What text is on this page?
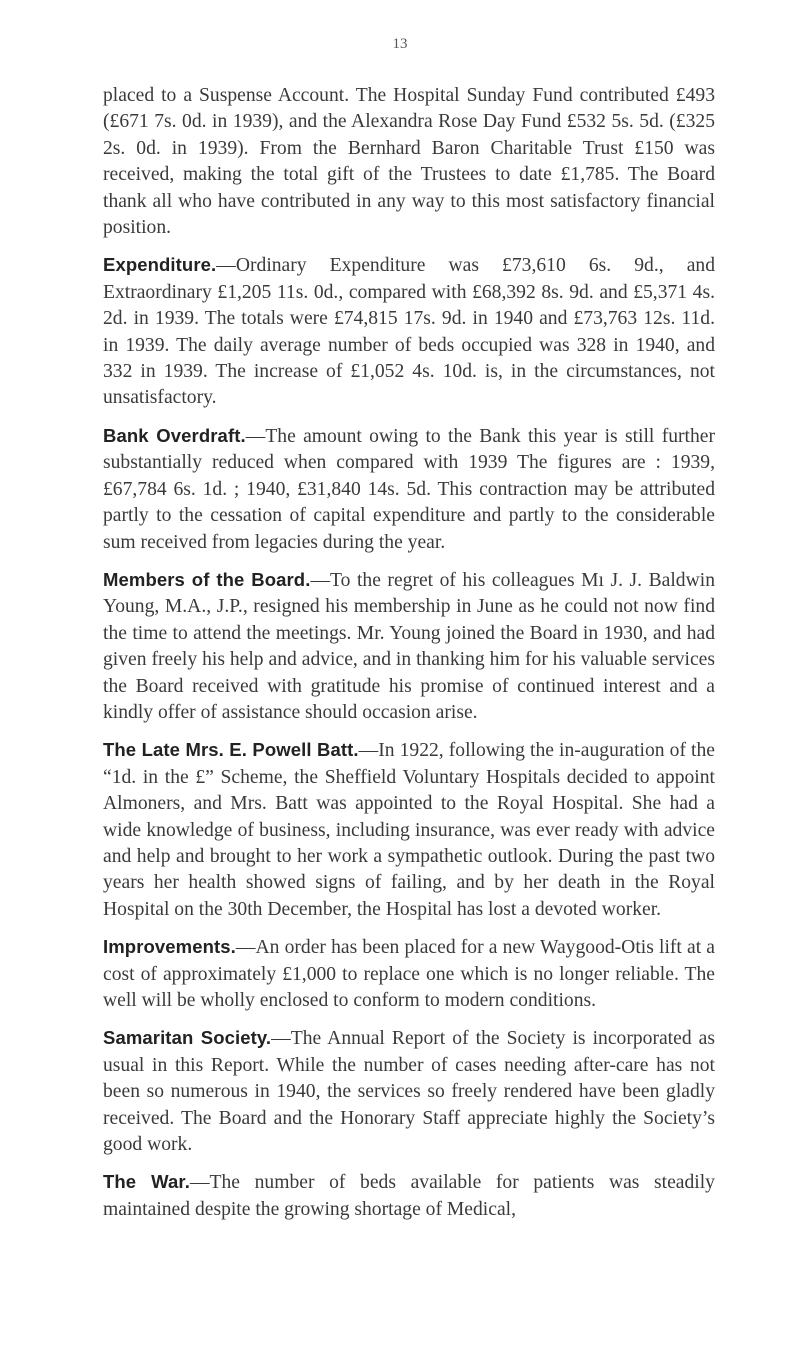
13

placed to a Suspense Account. The Hospital Sunday Fund contributed £493 (£671 7s. 0d. in 1939), and the Alexandra Rose Day Fund £532 5s. 5d. (£325 2s. 0d. in 1939). From the Bernhard Baron Charitable Trust £150 was received, making the total gift of the Trustees to date £1,785. The Board thank all who have contributed in any way to this most satisfactory financial position.

Expenditure.—Ordinary Expenditure was £73,610 6s. 9d., and Extraordinary £1,205 11s. 0d., compared with £68,392 8s. 9d. and £5,371 4s. 2d. in 1939. The totals were £74,815 17s. 9d. in 1940 and £73,763 12s. 11d. in 1939. The daily average number of beds occupied was 328 in 1940, and 332 in 1939. The increase of £1,052 4s. 10d. is, in the circumstances, not unsatisfactory.

Bank Overdraft.—The amount owing to the Bank this year is still further substantially reduced when compared with 1939 The figures are : 1939, £67,784 6s. 1d. ; 1940, £31,840 14s. 5d. This contraction may be attributed partly to the cessation of capital expenditure and partly to the considerable sum received from legacies during the year.

Members of the Board.—To the regret of his colleagues Mı J. J. Baldwin Young, M.A., J.P., resigned his membership in June as he could not now find the time to attend the meetings. Mr. Young joined the Board in 1930, and had given freely his help and advice, and in thanking him for his valuable services the Board received with gratitude his promise of continued interest and a kindly offer of assistance should occasion arise.

The Late Mrs. E. Powell Batt.—In 1922, following the in-auguration of the “1d. in the £” Scheme, the Sheffield Voluntary Hospitals decided to appoint Almoners, and Mrs. Batt was appointed to the Royal Hospital. She had a wide knowledge of business, including insurance, was ever ready with advice and help and brought to her work a sympathetic outlook. During the past two years her health showed signs of failing, and by her death in the Royal Hospital on the 30th December, the Hospital has lost a devoted worker.

Improvements.—An order has been placed for a new Waygood-Otis lift at a cost of approximately £1,000 to replace one which is no longer reliable. The well will be wholly enclosed to conform to modern conditions.

Samaritan Society.—The Annual Report of the Society is incorporated as usual in this Report. While the number of cases needing after-care has not been so numerous in 1940, the services so freely rendered have been gladly received. The Board and the Honorary Staff appreciate highly the Society’s good work.

The War.—The number of beds available for patients was steadily maintained despite the growing shortage of Medical,
